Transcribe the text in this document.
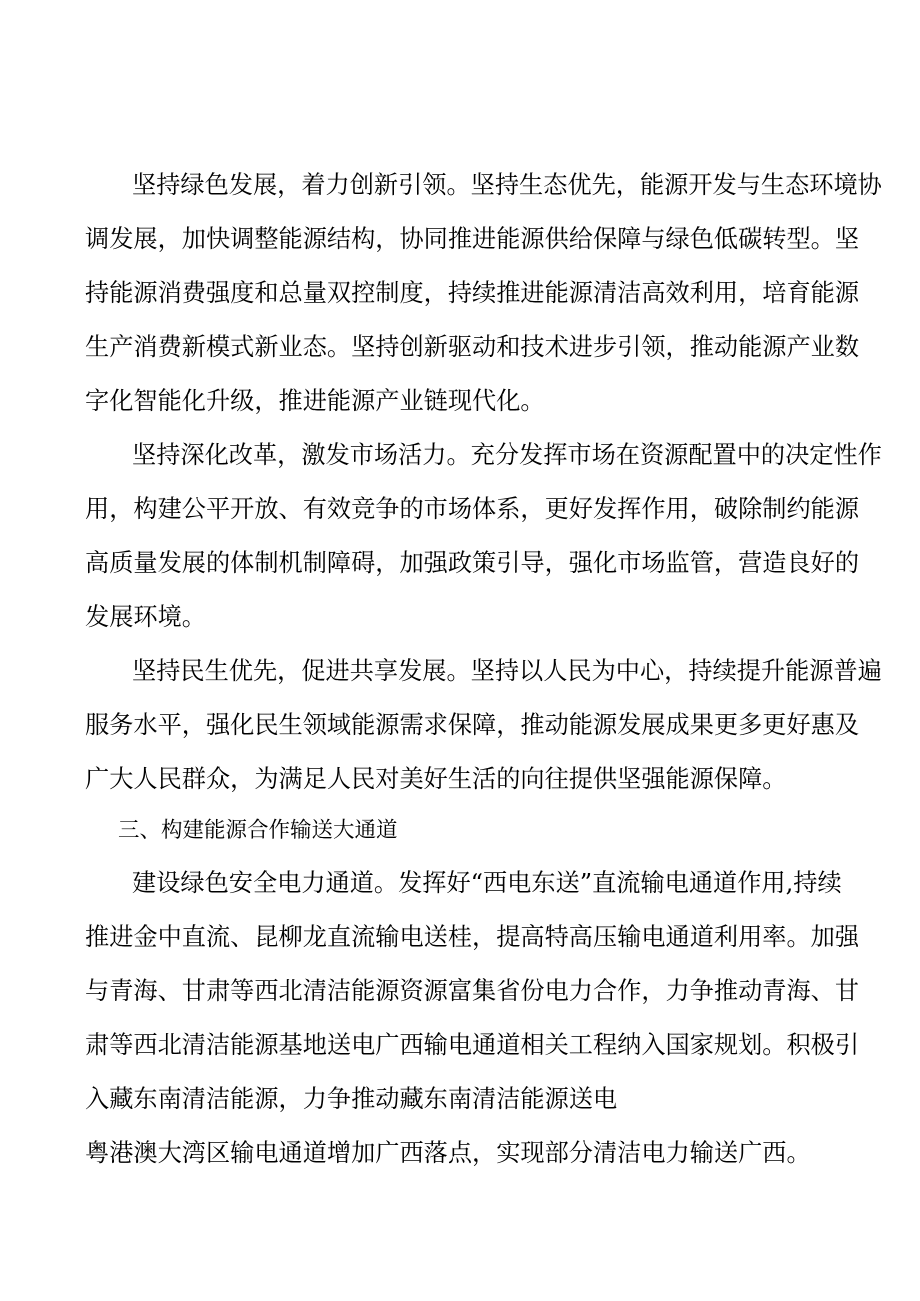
坚持绿色发展，着力创新引领。坚持生态优先，能源开发与生态环境协
调发展，加快调整能源结构，协同推进能源供给保障与绿色低碳转型。坚
持能源消费强度和总量双控制度，持续推进能源清洁高效利用，培育能源
生产消费新模式新业态。坚持创新驱动和技术进步引领，推动能源产业数
字化智能化升级，推进能源产业链现代化。
坚持深化改革，激发市场活力。充分发挥市场在资源配置中的决定性作
用，构建公平开放、有效竞争的市场体系，更好发挥作用，破除制约能源
高质量发展的体制机制障碍，加强政策引导，强化市场监管，营造良好的
发展环境。
坚持民生优先，促进共享发展。坚持以人民为中心，持续提升能源普遍
服务水平，强化民生领域能源需求保障，推动能源发展成果更多更好惠及
广大人民群众，为满足人民对美好生活的向往提供坚强能源保障。
三、构建能源合作输送大通道
建设绿色安全电力通道。发挥好“西电东送”直流输电通道作用,持续
推进金中直流、昆柳龙直流输电送桂，提高特高压输电通道利用率。加强
与青海、甘肃等西北清洁能源资源富集省份电力合作，力争推动青海、甘
肃等西北清洁能源基地送电广西输电通道相关工程纳入国家规划。积极引
入藏东南清洁能源，力争推动藏东南清洁能源送电
粤港澳大湾区输电通道增加广西落点，实现部分清洁电力输送广西。
